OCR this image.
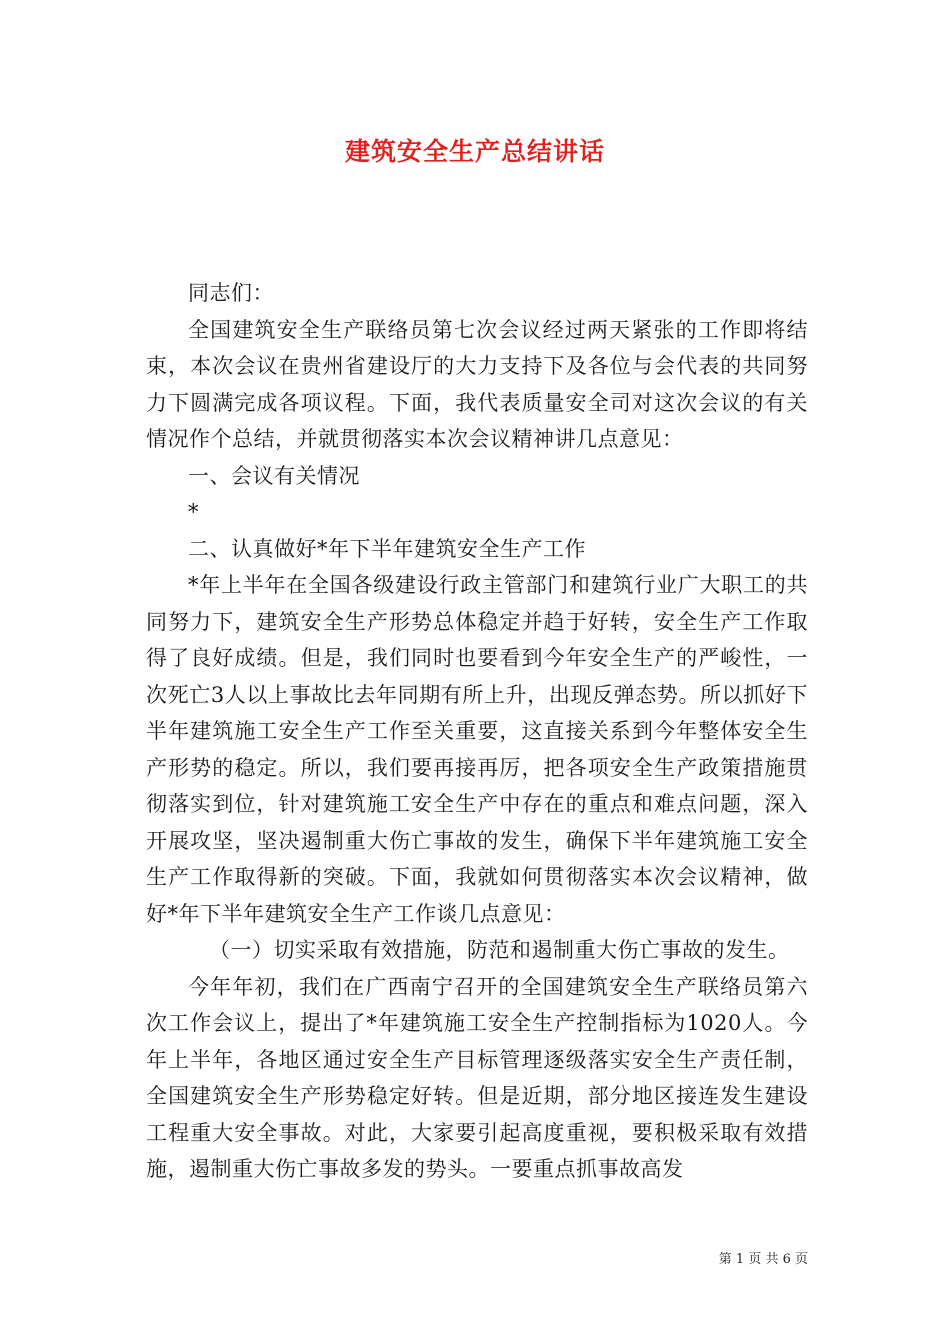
建筑安全生产总结讲话

同志们：

全国建筑安全生产联络员第七次会议经过两天紧张的工作即将结束，本次会议在贵州省建设厅的大力支持下及各位与会代表的共同努力下圆满完成各项议程。下面，我代表质量安全司对这次会议的有关情况作个总结，并就贯彻落实本次会议精神讲几点意见：

一、会议有关情况

*

二、认真做好*年下半年建筑安全生产工作

*年上半年在全国各级建设行政主管部门和建筑行业广大职工的共同努力下，建筑安全生产形势总体稳定并趋于好转，安全生产工作取得了良好成绩。但是，我们同时也要看到今年安全生产的严峻性，一次死亡3人以上事故比去年同期有所上升，出现反弹态势。所以抓好下半年建筑施工安全生产工作至关重要，这直接关系到今年整体安全生产形势的稳定。所以，我们要再接再厉，把各项安全生产政策措施贯彻落实到位，针对建筑施工安全生产中存在的重点和难点问题，深入开展攻坚，坚决遏制重大伤亡事故的发生，确保下半年建筑施工安全生产工作取得新的突破。下面，我就如何贯彻落实本次会议精神，做好*年下半年建筑安全生产工作谈几点意见：

（一）切实采取有效措施，防范和遏制重大伤亡事故的发生。

今年年初，我们在广西南宁召开的全国建筑安全生产联络员第六次工作会议上，提出了*年建筑施工安全生产控制指标为1020人。今年上半年，各地区通过安全生产目标管理逐级落实安全生产责任制，全国建筑安全生产形势稳定好转。但是近期，部分地区接连发生建设工程重大安全事故。对此，大家要引起高度重视，要积极采取有效措施，遏制重大伤亡事故多发的势头。一要重点抓事故高发

第 1 页 共 6 页
